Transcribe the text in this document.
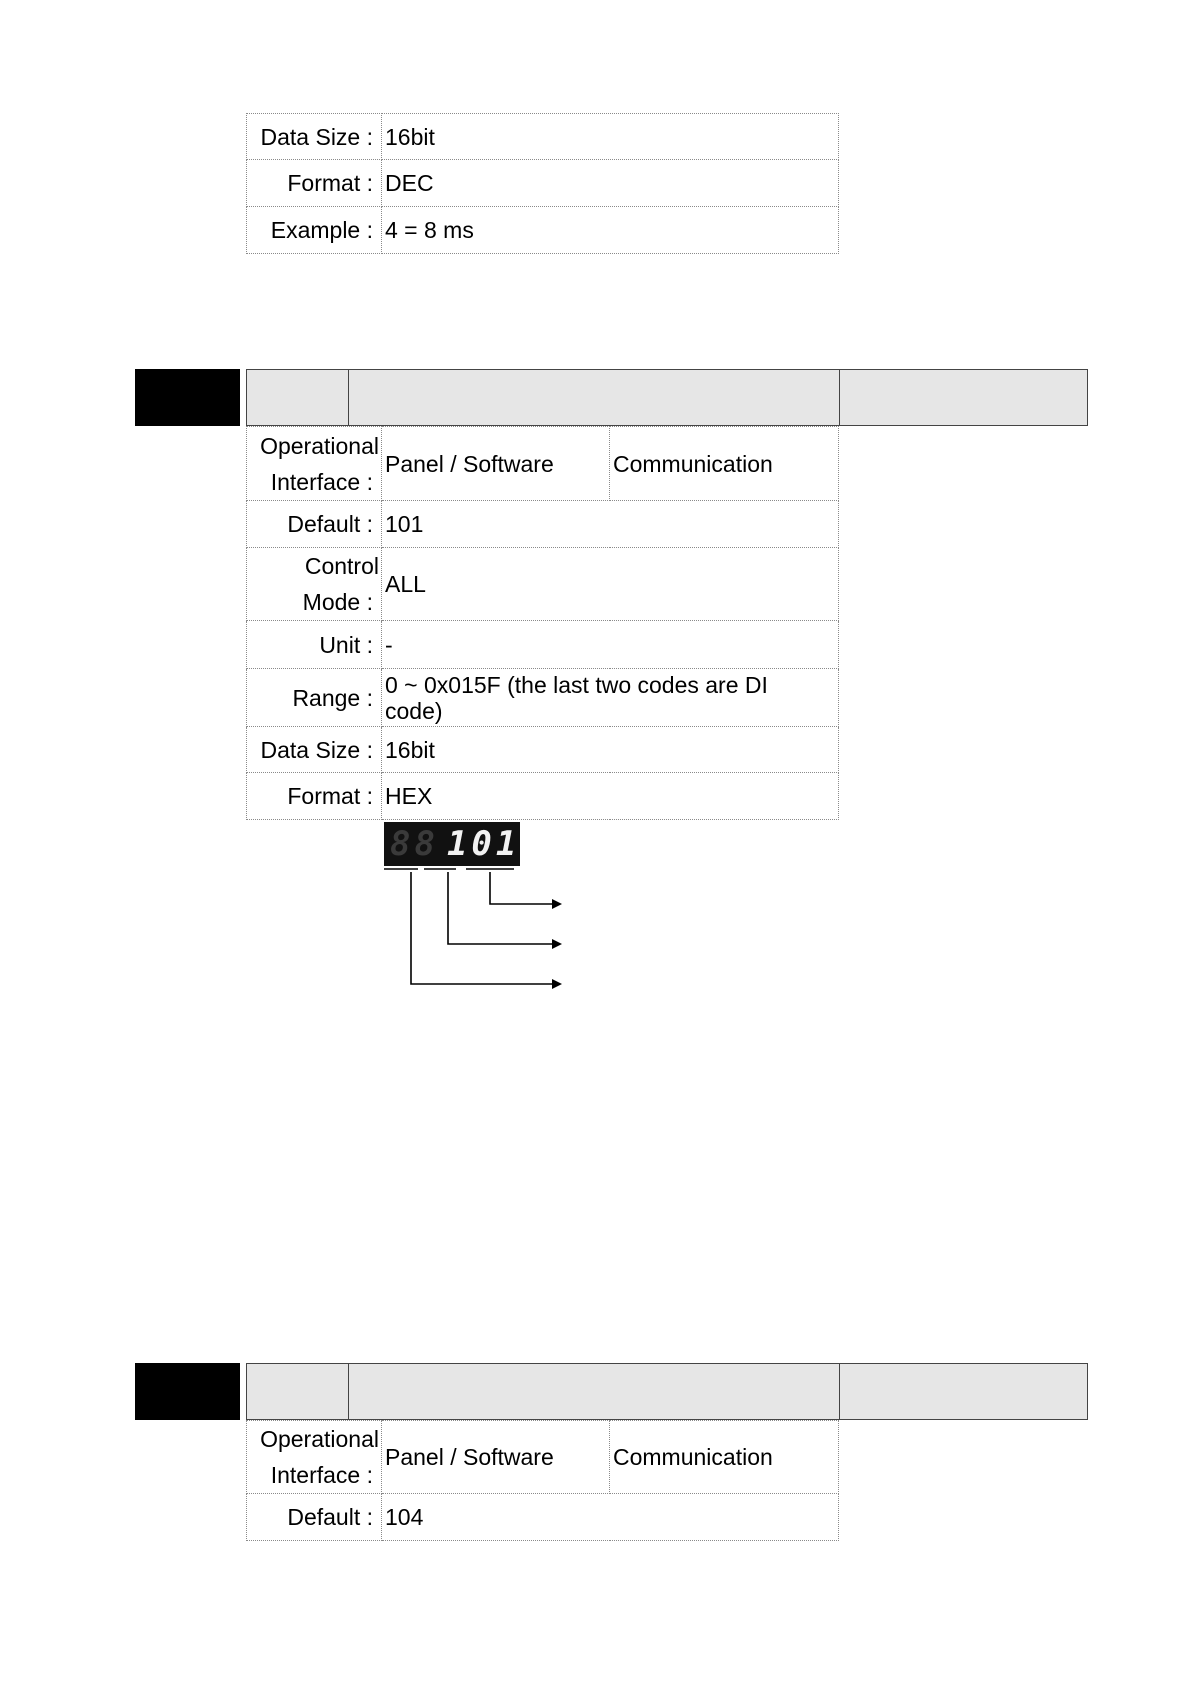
Data Size :	16bit
Format :	DEC
Example :	4 = 8 ms
Operational
Interface :	Panel / Software	Communication
Default :	101	

Control
Mode :	ALL	
Unit :	-	
Range :	0 ~ 0x015F (the last two codes are DI code)	
Data Size :	16bit	
Format :	HEX	
88 101
Operational
Interface :	Panel / Software	Communication
Default :	104	
